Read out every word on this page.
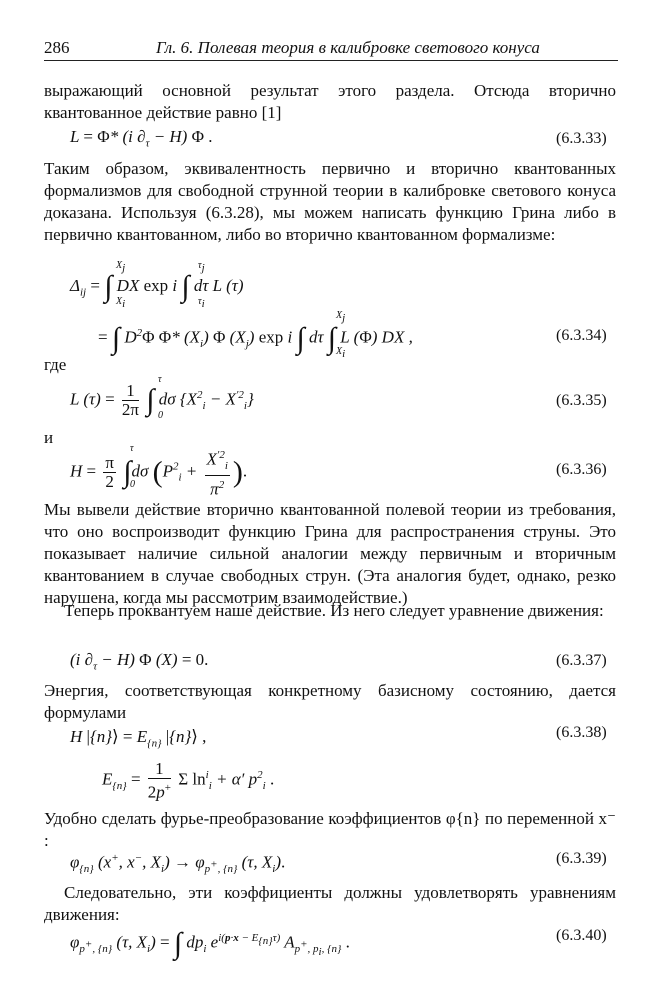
286	Гл. 6. Полевая теория в калибровке светового конуса
выражающий основной результат этого раздела. Отсюда вторично квантованное действие равно [1]
L = Φ* (i $\partial_\tau - H$) Φ .	(6.3.33)
Таким образом, эквивалентность первично и вторично квантованных формализмов для свободной струнной теории в калибровке светового конуса доказана. Используя (6.3.28), мы можем написать функцию Грина либо в первично квантованном, либо во вторично квантованном формализме:
$\Delta_{ij}$ = ∫ DX exp i ∫ dτ L (τ)
$X_j$
$X_i$
$\tau_j$
$\tau_i$
= ∫ $D^2\Phi$ Φ* $(X_i)$ Φ $(X_j)$ exp i ∫ dτ ∫ L (Φ) DX ,
$X_j$
$X_i$
(6.3.34)
где
L $(\tau) = \frac{1}{2\pi}$ ∫ dσ $\{X^2_i - X^{'2}_i\}$
τ
0
(6.3.35)
и
$H = \frac{\pi}{2} \int d\sigma$ ($P^2_i + \frac{X^{'2}_i}{\pi^2}$ ).
τ
0
(6.3.36)
Мы вывели действие вторично квантованной полевой теории из требования, что оно воспроизводит функцию Грина для распространения струны. Это показывает наличие сильной аналогии между первичным и вторичным квантованием в случае свободных струн. (Эта аналогия будет, однако, резко нарушена, когда мы рассмотрим взаимодействие.)
Теперь проквантуем наше действие. Из него следует уравнение движения:
(i $\partial_\tau - H$) Φ (X) = 0.	(6.3.37)
Энергия, соответствующая конкретному базисному состоянию, дается формулами
H |{n}⟩ = $E_{\{n\}}$ |{n}⟩ ,	(6.3.38)
$E_{\{n\}} = \frac{1}{2p^+}$ Σ $\ln^i_i + \alpha'$ $p^2_i$ .
Удобно сделать фурье-преобразование коэффициентов φ{n} по переменной x⁻ :
$\varphi_{\{n\}}$ (x+, x−, $X_i) \to \varphi_{p^+, \{n\}}$ (τ, $X_i$).	(6.3.39)
Следовательно, эти коэффициенты должны удовлетворять уравнениям движения:
$\varphi_{p^+, \{n\}}$ (τ, $X_i$) = ∫ $dp_i$ $e^{i(p\cdot x - E_{\{n\}}\tau)}$ $A_{p^+, p_i, \{n\}}$ .	(6.3.40)
